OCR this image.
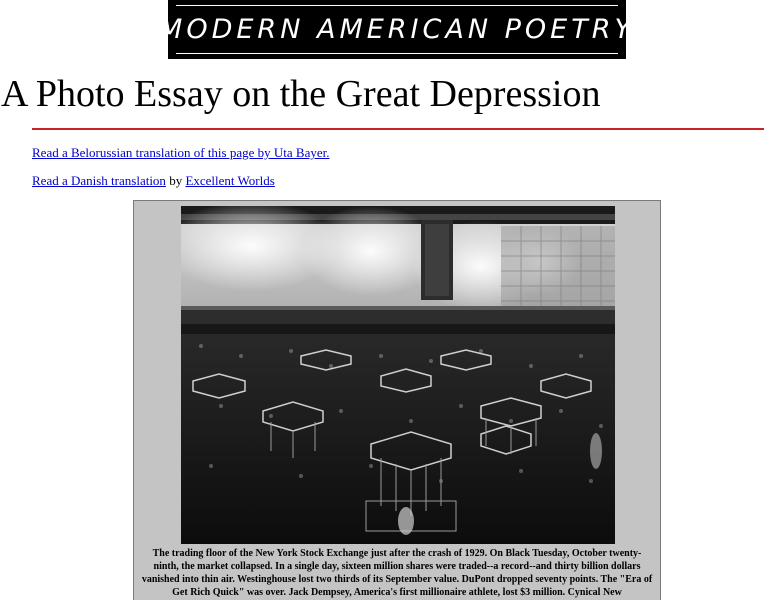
MODERN AMERICAN POETRY
A Photo Essay on the Great Depression
Read a Belorussian translation of this page by Uta Bayer.
Read a Danish translation by Excellent Worlds

The trading floor of the New York Stock Exchange just after the crash of 1929. On Black Tuesday, October twenty-ninth, the market collapsed. In a single day, sixteen million shares were traded--a record--and thirty billion dollars vanished into thin air. Westinghouse lost two thirds of its September value. DuPont dropped seventy points. The "Era of Get Rich Quick" was over. Jack Dempsey, America's first millionaire athlete, lost $3 million. Cynical New
